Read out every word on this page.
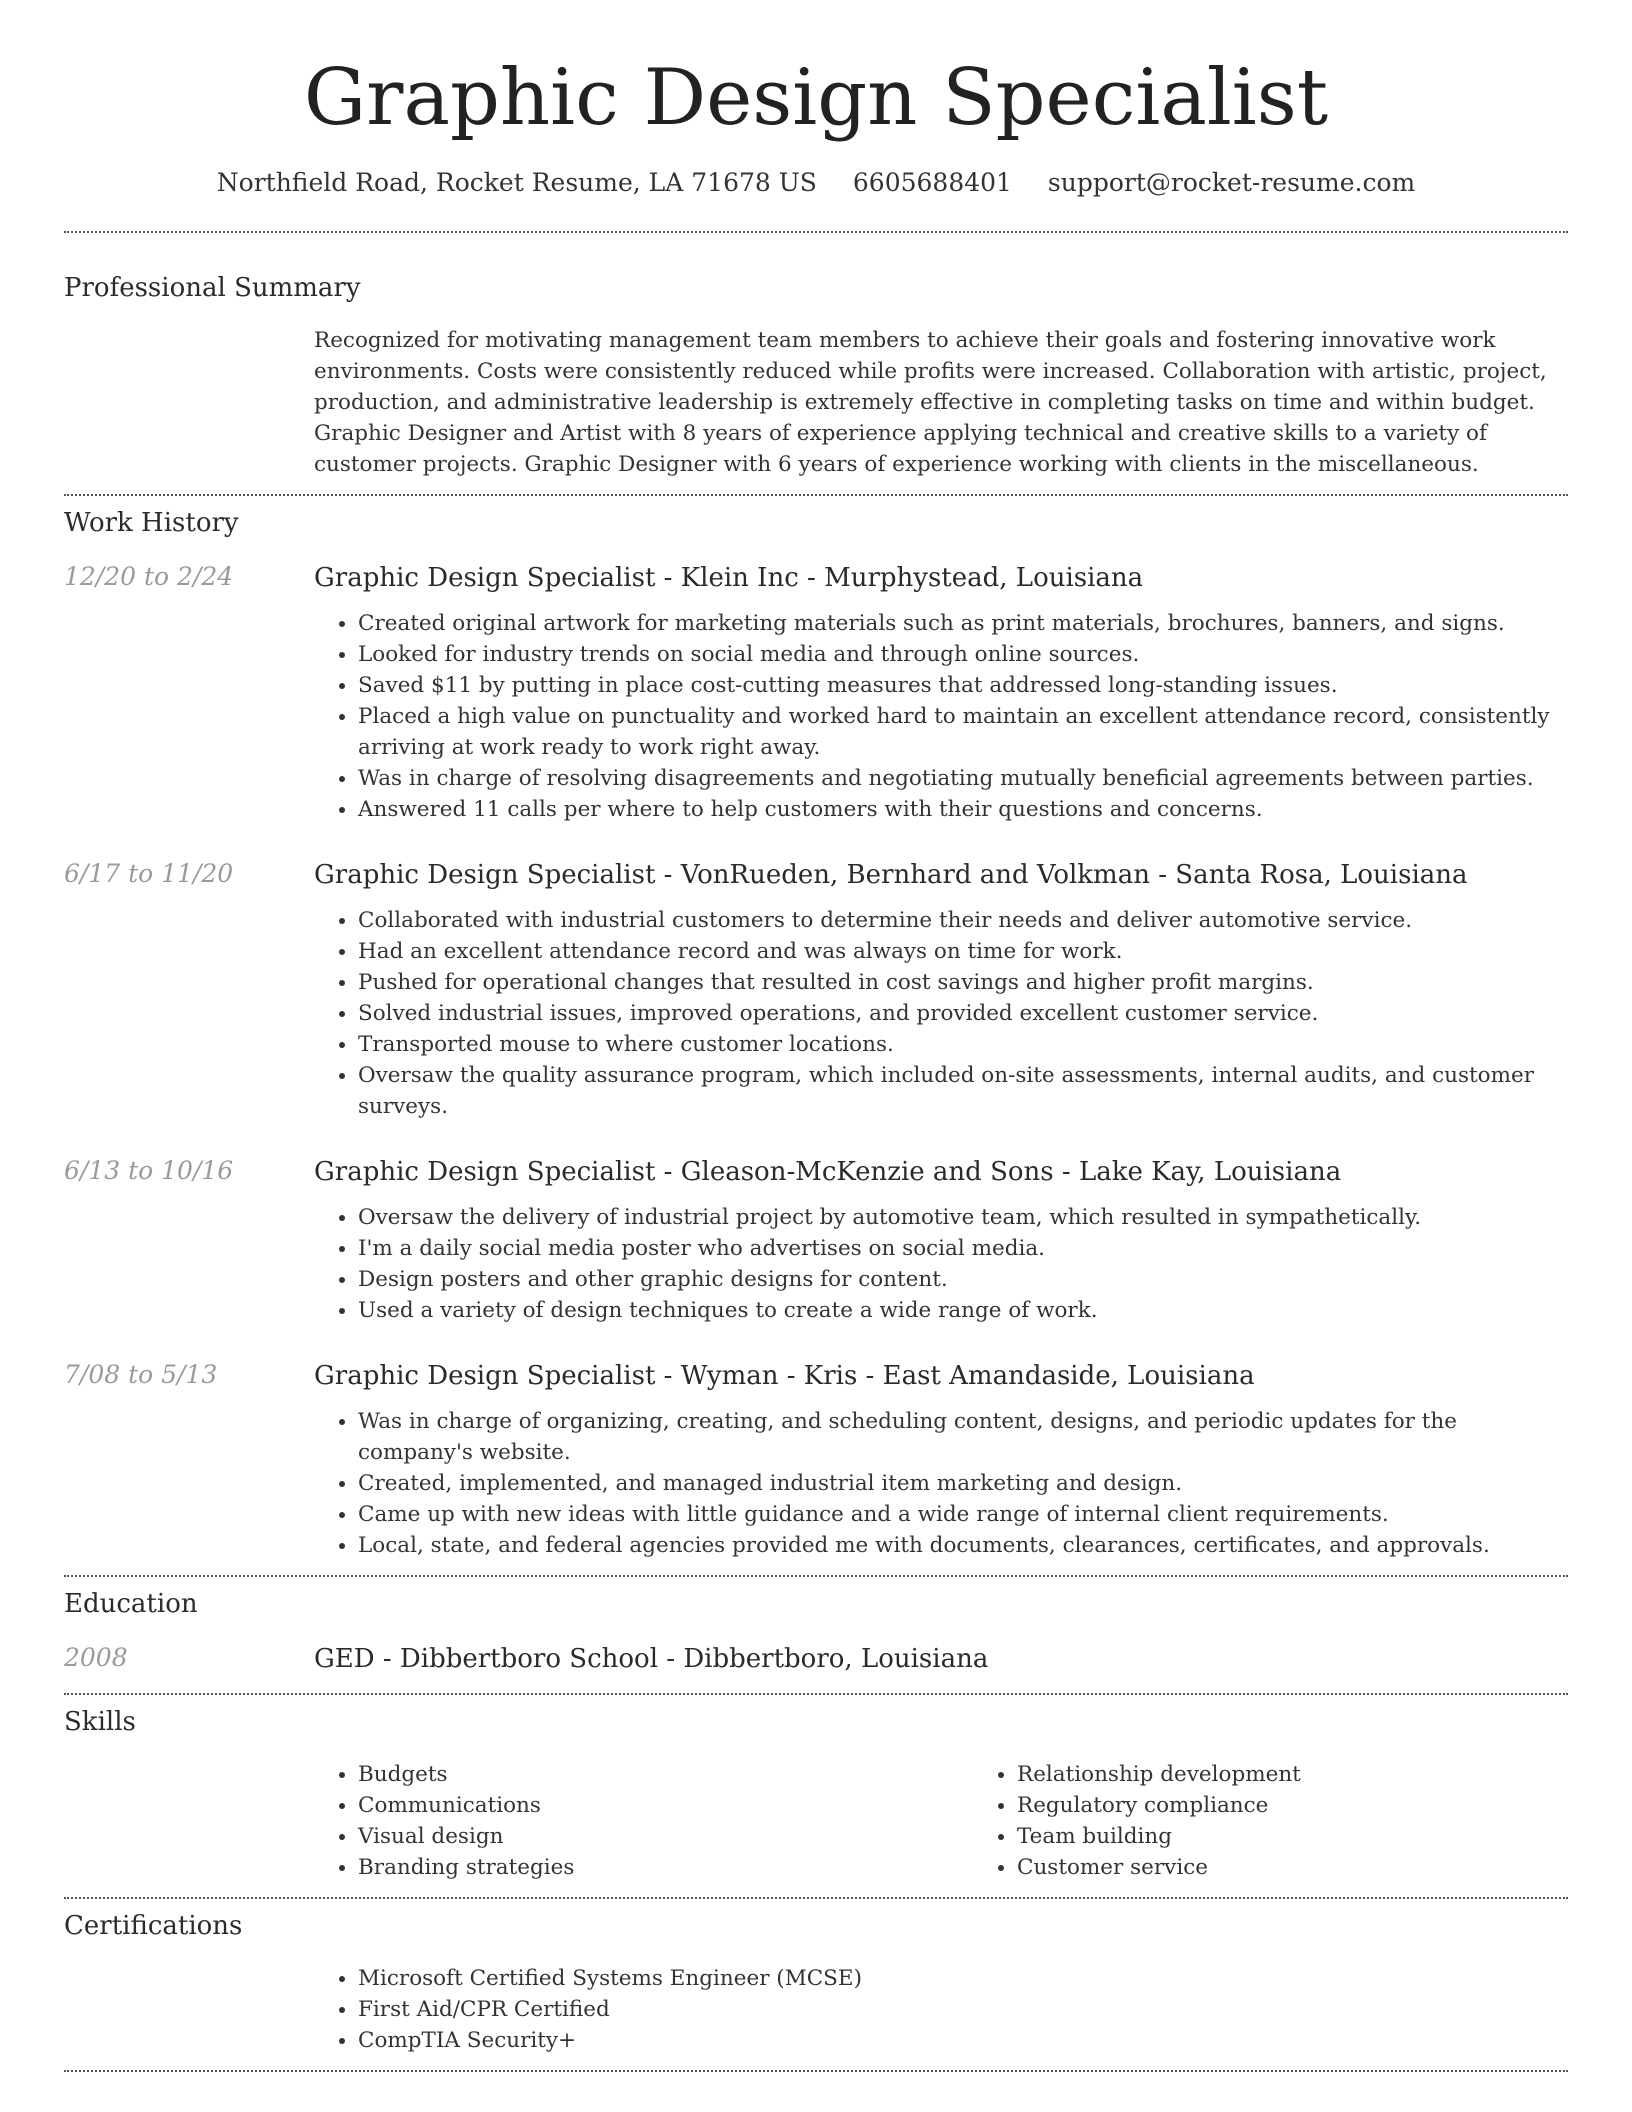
Graphic Design Specialist
Northfield Road, Rocket Resume, LA 71678 US 6605688401 support@rocket-resume.com
Professional Summary
Recognized for motivating management team members to achieve their goals and fostering innovative work environments. Costs were consistently reduced while profits were increased. Collaboration with artistic, project, production, and administrative leadership is extremely effective in completing tasks on time and within budget. Graphic Designer and Artist with 8 years of experience applying technical and creative skills to a variety of customer projects. Graphic Designer with 6 years of experience working with clients in the miscellaneous.
Work History
12/20 to 2/24	Graphic Design Specialist - Klein Inc - Murphystead, Louisiana
• Created original artwork for marketing materials such as print materials, brochures, banners, and signs.
• Looked for industry trends on social media and through online sources.
• Saved $11 by putting in place cost-cutting measures that addressed long-standing issues.
• Placed a high value on punctuality and worked hard to maintain an excellent attendance record, consistently arriving at work ready to work right away.
• Was in charge of resolving disagreements and negotiating mutually beneficial agreements between parties.
• Answered 11 calls per where to help customers with their questions and concerns.
6/17 to 11/20	Graphic Design Specialist - VonRueden, Bernhard and Volkman - Santa Rosa, Louisiana
• Collaborated with industrial customers to determine their needs and deliver automotive service.
• Had an excellent attendance record and was always on time for work.
• Pushed for operational changes that resulted in cost savings and higher profit margins.
• Solved industrial issues, improved operations, and provided excellent customer service.
• Transported mouse to where customer locations.
• Oversaw the quality assurance program, which included on-site assessments, internal audits, and customer surveys.
6/13 to 10/16	Graphic Design Specialist - Gleason-McKenzie and Sons - Lake Kay, Louisiana
• Oversaw the delivery of industrial project by automotive team, which resulted in sympathetically.
• I'm a daily social media poster who advertises on social media.
• Design posters and other graphic designs for content.
• Used a variety of design techniques to create a wide range of work.
7/08 to 5/13	Graphic Design Specialist - Wyman - Kris - East Amandaside, Louisiana
• Was in charge of organizing, creating, and scheduling content, designs, and periodic updates for the company's website.
• Created, implemented, and managed industrial item marketing and design.
• Came up with new ideas with little guidance and a wide range of internal client requirements.
• Local, state, and federal agencies provided me with documents, clearances, certificates, and approvals.
Education
2008	GED - Dibbertboro School - Dibbertboro, Louisiana
Skills
• Budgets
• Communications
• Visual design
• Branding strategies
• Relationship development
• Regulatory compliance
• Team building
• Customer service
Certifications
• Microsoft Certified Systems Engineer (MCSE)
• First Aid/CPR Certified
• CompTIA Security+
